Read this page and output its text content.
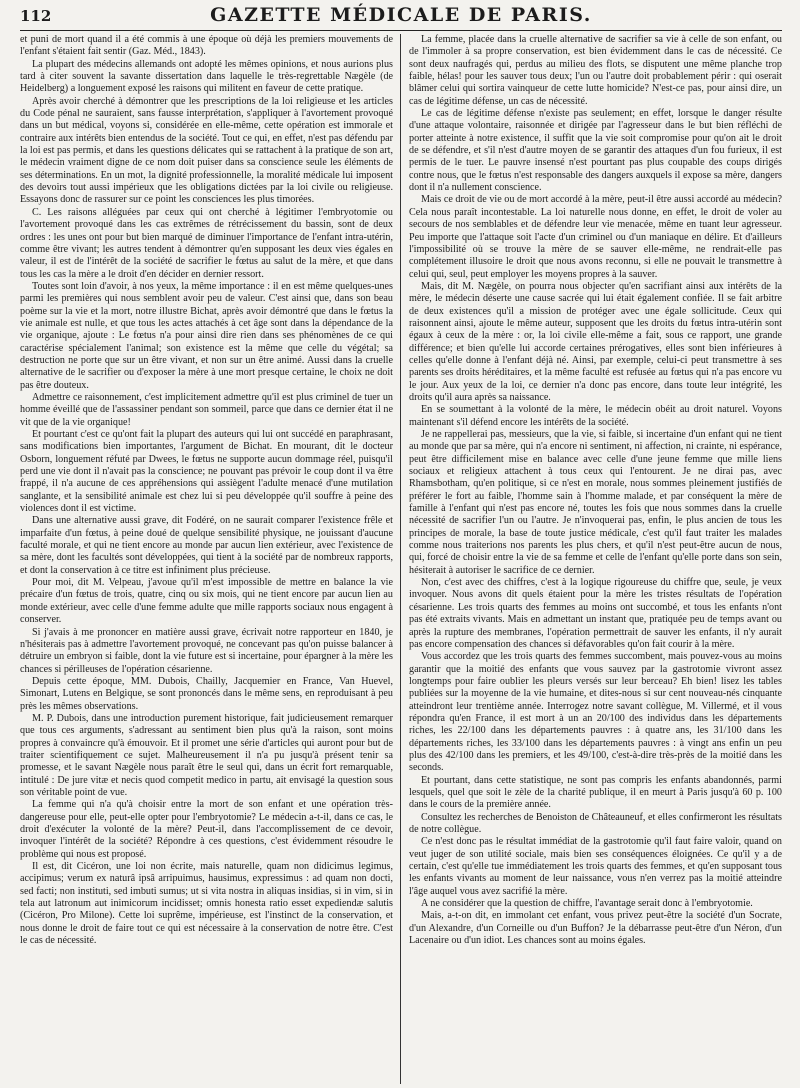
112	GAZETTE MÉDICALE DE PARIS.

et puni de mort quand il a été commis à une époque où déjà les premiers mouvements de l'enfant s'étaient fait sentir (Gaz. Méd., 1843).

La plupart des médecins allemands ont adopté les mêmes opinions, et nous aurions plus tard à citer souvent la savante dissertation dans laquelle le très-regrettable Nægèle (de Heidelberg) a longuement exposé les raisons qui militent en faveur de cette pratique.

Après avoir cherché à démontrer que les prescriptions de la loi religieuse et les articles du Code pénal ne sauraient, sans fausse interprétation, s'appliquer à l'avortement provoqué dans un but médical, voyons si, considérée en elle-même, cette opération est immorale et contraire aux intérêts bien entendus de la société. Tout ce qui, en effet, n'est pas défendu par la loi est pas permis, et dans les questions délicates qui se rattachent à la pratique de son art, le médecin vraiment digne de ce nom doit puiser dans sa conscience seule les éléments de ses déterminations. En un mot, la dignité professionnelle, la moralité médicale lui imposent des devoirs tout aussi impérieux que les obligations dictées par la loi civile ou religieuse. Essayons donc de rassurer sur ce point les consciences les plus timorées.

C. Les raisons alléguées par ceux qui ont cherché à légitimer l'embryotomie ou l'avortement provoqué dans les cas extrêmes de rétrécissement du bassin, sont de deux ordres : les unes ont pour but bien marqué de diminuer l'importance de l'enfant intra-utérin, comme être vivant; les autres tendent à démontrer qu'en supposant les deux vies égales en valeur, il est de l'intérêt de la société de sacrifier le fœtus au salut de la mère, et que dans tous les cas la mère a le droit d'en décider en dernier ressort.

Toutes sont loin d'avoir, à nos yeux, la même importance : il en est même quelques-unes parmi les premières qui nous semblent avoir peu de valeur. C'est ainsi que, dans son beau poème sur la vie et la mort, notre illustre Bichat, après avoir démontré que dans le fœtus la vie animale est nulle, et que tous les actes attachés à cet âge sont dans la dépendance de la vie organique, ajoute : Le fœtus n'a pour ainsi dire rien dans ses phénomènes de ce qui caractérise spécialement l'animal; son existence est la même que celle du végétal; sa destruction ne porte que sur un être vivant, et non sur un être animé. Aussi dans la cruelle alternative de le sacrifier ou d'exposer la mère à une mort presque certaine, le choix ne doit pas être douteux.

Admettre ce raisonnement, c'est implicitement admettre qu'il est plus criminel de tuer un homme éveillé que de l'assassiner pendant son sommeil, parce que dans ce dernier état il ne vit que de la vie organique!

Et pourtant c'est ce qu'ont fait la plupart des auteurs qui lui ont succédé en paraphrasant, sans modifications bien importantes, l'argument de Bichat. En mourant, dit le docteur Osborn, longuement réfuté par Dwees, le fœtus ne supporte aucun dommage réel, puisqu'il perd une vie dont il n'avait pas la conscience; ne pouvant pas prévoir le coup dont il va être frappé, il n'a aucune de ces appréhensions qui assiègent l'adulte menacé d'une mutilation sanglante, et la sensibilité animale est chez lui si peu développée qu'il souffre à peine des violences dont il est victime.

Dans une alternative aussi grave, dit Fodéré, on ne saurait comparer l'existence frêle et imparfaite d'un fœtus, à peine doué de quelque sensibilité physique, ne jouissant d'aucune faculté morale, et qui ne tient encore au monde par aucun lien extérieur, avec l'existence de sa mère, dont les facultés sont développées, qui tient à la société par de nombreux rapports, et dont la conservation à ce titre est infiniment plus précieuse.

Pour moi, dit M. Velpeau, j'avoue qu'il m'est impossible de mettre en balance la vie précaire d'un fœtus de trois, quatre, cinq ou six mois, qui ne tient encore par aucun lien au monde extérieur, avec celle d'une femme adulte que mille rapports sociaux nous engagent à conserver.

Si j'avais à me prononcer en matière aussi grave, écrivait notre rapporteur en 1840, je n'hésiterais pas à admettre l'avortement provoqué, ne concevant pas qu'on puisse balancer à détruire un embryon si faible, dont la vie future est si incertaine, pour épargner à la mère les chances si périlleuses de l'opération césarienne.

Depuis cette époque, MM. Dubois, Chailly, Jacquemier en France, Van Huevel, Simonart, Lutens en Belgique, se sont prononcés dans le même sens, en reproduisant à peu près les mêmes observations.

M. P. Dubois, dans une introduction purement historique, fait judicieusement remarquer que tous ces arguments, s'adressant au sentiment bien plus qu'à la raison, sont moins propres à convaincre qu'à émouvoir. Et il promet une série d'articles qui auront pour but de traiter scientifiquement ce sujet. Malheureusement il n'a pu jusqu'à présent tenir sa promesse, et le savant Nægèle nous paraît être le seul qui, dans un écrit fort remarquable, intitulé : De jure vitæ et necis quod competit medico in partu, ait envisagé la question sous son véritable point de vue.

La femme qui n'a qu'à choisir entre la mort de son enfant et une opération très-dangereuse pour elle, peut-elle opter pour l'embryotomie? Le médecin a-t-il, dans ce cas, le droit d'exécuter la volonté de la mère? Peut-il, dans l'accomplissement de ce devoir, invoquer l'intérêt de la société? Répondre à ces questions, c'est évidemment résoudre le problème qui nous est proposé.

Il est, dit Cicéron, une loi non écrite, mais naturelle, quam non didicimus legimus, accipimus; verum ex naturâ ipsâ arripuimus, hausimus, expressimus : ad quam non docti, sed facti; non instituti, sed imbuti sumus; ut si vita nostra in aliquas insidias, si in vim, si in tela aut latronum aut inimicorum incidisset; omnis honesta ratio esset expediendæ salutis (Cicéron, Pro Milone). Cette loi suprême, impérieuse, est l'instinct de la conservation, et nous donne le droit de faire tout ce qui est nécessaire à la conservation de notre être. C'est le cas de nécessité.

La femme, placée dans la cruelle alternative de sacrifier sa vie à celle de son enfant, ou de l'immoler à sa propre conservation, est bien évidemment dans le cas de nécessité. Ce sont deux naufragés qui, perdus au milieu des flots, se disputent une même planche trop faible, hélas! pour les sauver tous deux; l'un ou l'autre doit probablement périr : qui oserait blâmer celui qui sortira vainqueur de cette lutte homicide? N'est-ce pas, pour ainsi dire, un cas de légitime défense, un cas de nécessité.

Le cas de légitime défense n'existe pas seulement; en effet, lorsque le danger résulte d'une attaque volontaire, raisonnée et dirigée par l'agresseur dans le but bien réfléchi de porter atteinte à notre existence, il suffit que la vie soit compromise pour qu'on ait le droit de se défendre, et s'il n'est d'autre moyen de se garantir des attaques d'un fou furieux, il est permis de le tuer. Le pauvre insensé n'est pourtant pas plus coupable des coups dirigés contre nous, que le fœtus n'est responsable des dangers auxquels il expose sa mère, dangers dont il n'a nullement conscience.

Mais ce droit de vie ou de mort accordé à la mère, peut-il être aussi accordé au médecin? Cela nous paraît incontestable. La loi naturelle nous donne, en effet, le droit de voler au secours de nos semblables et de défendre leur vie menacée, même en tuant leur agresseur. Peu importe que l'attaque soit l'acte d'un criminel ou d'un maniaque en délire. Et d'ailleurs l'impossibilité où se trouve la mère de se sauver elle-même, ne rendrait-elle pas complétement illusoire le droit que nous avons reconnu, si elle ne pouvait le transmettre à celui qui, seul, peut employer les moyens propres à la sauver.

Mais, dit M. Nægèle, on pourra nous objecter qu'en sacrifiant ainsi aux intérêts de la mère, le médecin déserte une cause sacrée qui lui était également confiée. Il se fait arbitre de deux existences qu'il a mission de protéger avec une égale sollicitude. Ceux qui raisonnent ainsi, ajoute le même auteur, supposent que les droits du fœtus intra-utérin sont égaux à ceux de la mère : or, la loi civile elle-même a fait, sous ce rapport, une grande différence; et bien qu'elle lui accorde certaines prérogatives, elles sont bien inférieures à celles qu'elle donne à l'enfant déjà né. Ainsi, par exemple, celui-ci peut transmettre à ses parents ses droits héréditaires, et la même faculté est refusée au fœtus qui n'a pas encore vu le jour. Aux yeux de la loi, ce dernier n'a donc pas encore, dans toute leur intégrité, les droits qu'il aura après sa naissance.

En se soumettant à la volonté de la mère, le médecin obéit au droit naturel. Voyons maintenant s'il défend encore les intérêts de la société.

Je ne rappellerai pas, messieurs, que la vie, si faible, si incertaine d'un enfant qui ne tient au monde que par sa mère, qui n'a encore ni sentiment, ni affection, ni crainte, ni espérance, peut être difficilement mise en balance avec celle d'une jeune femme que mille liens sociaux et religieux attachent à tous ceux qui l'entourent. Je ne dirai pas, avec Rhamsbotham, qu'en politique, si ce n'est en morale, nous sommes pleinement justifiés de préférer le fort au faible, l'homme sain à l'homme malade, et par conséquent la mère de famille à l'enfant qui n'est pas encore né, toutes les fois que nous sommes dans la cruelle nécessité de sacrifier l'un ou l'autre. Je n'invoquerai pas, enfin, le plus ancien de tous les principes de morale, la base de toute justice médicale, c'est qu'il faut traiter les malades comme nous traiterions nos parents les plus chers, et qu'il n'est peut-être aucun de nous, qui, forcé de choisir entre la vie de sa femme et celle de l'enfant qu'elle porte dans son sein, hésiterait à autoriser le sacrifice de ce dernier.

Non, c'est avec des chiffres, c'est à la logique rigoureuse du chiffre que, seule, je veux invoquer. Nous avons dit quels étaient pour la mère les tristes résultats de l'opération césarienne. Les trois quarts des femmes au moins ont succombé, et tous les enfants n'ont pas été extraits vivants. Mais en admettant un instant que, pratiquée peu de temps avant ou après la rupture des membranes, l'opération permettrait de sauver les enfants, il n'y aurait pas encore compensation des chances si défavorables qu'on fait courir à la mère.

Vous accordez que les trois quarts des femmes succombent, mais pouvez-vous au moins garantir que la moitié des enfants que vous sauvez par la gastrotomie vivront assez longtemps pour faire oublier les pleurs versés sur leur berceau? Eh bien! lisez les tables publiées sur la moyenne de la vie humaine, et dites-nous si sur cent nouveau-nés cinquante atteindront leur trentième année. Interrogez notre savant collègue, M. Villermé, et il vous répondra qu'en France, il est mort à un an 20/100 des individus dans les départements riches, les 22/100 dans les départements pauvres : à quatre ans, les 31/100 dans les départements riches, les 33/100 dans les départements pauvres : à vingt ans enfin un peu plus des 42/100 dans les premiers, et les 49/100, c'est-à-dire très-près de la moitié dans les seconds.

Et pourtant, dans cette statistique, ne sont pas compris les enfants abandonnés, parmi lesquels, quel que soit le zèle de la charité publique, il en meurt à Paris jusqu'à 60 p. 100 dans le cours de la première année.

Consultez les recherches de Benoiston de Châteauneuf, et elles confirmeront les résultats de notre collègue.

Ce n'est donc pas le résultat immédiat de la gastrotomie qu'il faut faire valoir, quand on veut juger de son utilité sociale, mais bien ses conséquences éloignées. Ce qu'il y a de certain, c'est qu'elle tue immédiatement les trois quarts des femmes, et qu'en supposant tous les enfants vivants au moment de leur naissance, vous n'en verrez pas la moitié atteindre l'âge auquel vous avez sacrifié la mère.

A ne considérer que la question de chiffre, l'avantage serait donc à l'embryotomie.

Mais, a-t-on dit, en immolant cet enfant, vous privez peut-être la société d'un Socrate, d'un Alexandre, d'un Corneille ou d'un Buffon? Je la débarrasse peut-être d'un Néron, d'un Lacenaire ou d'un idiot. Les chances sont au moins égales.
